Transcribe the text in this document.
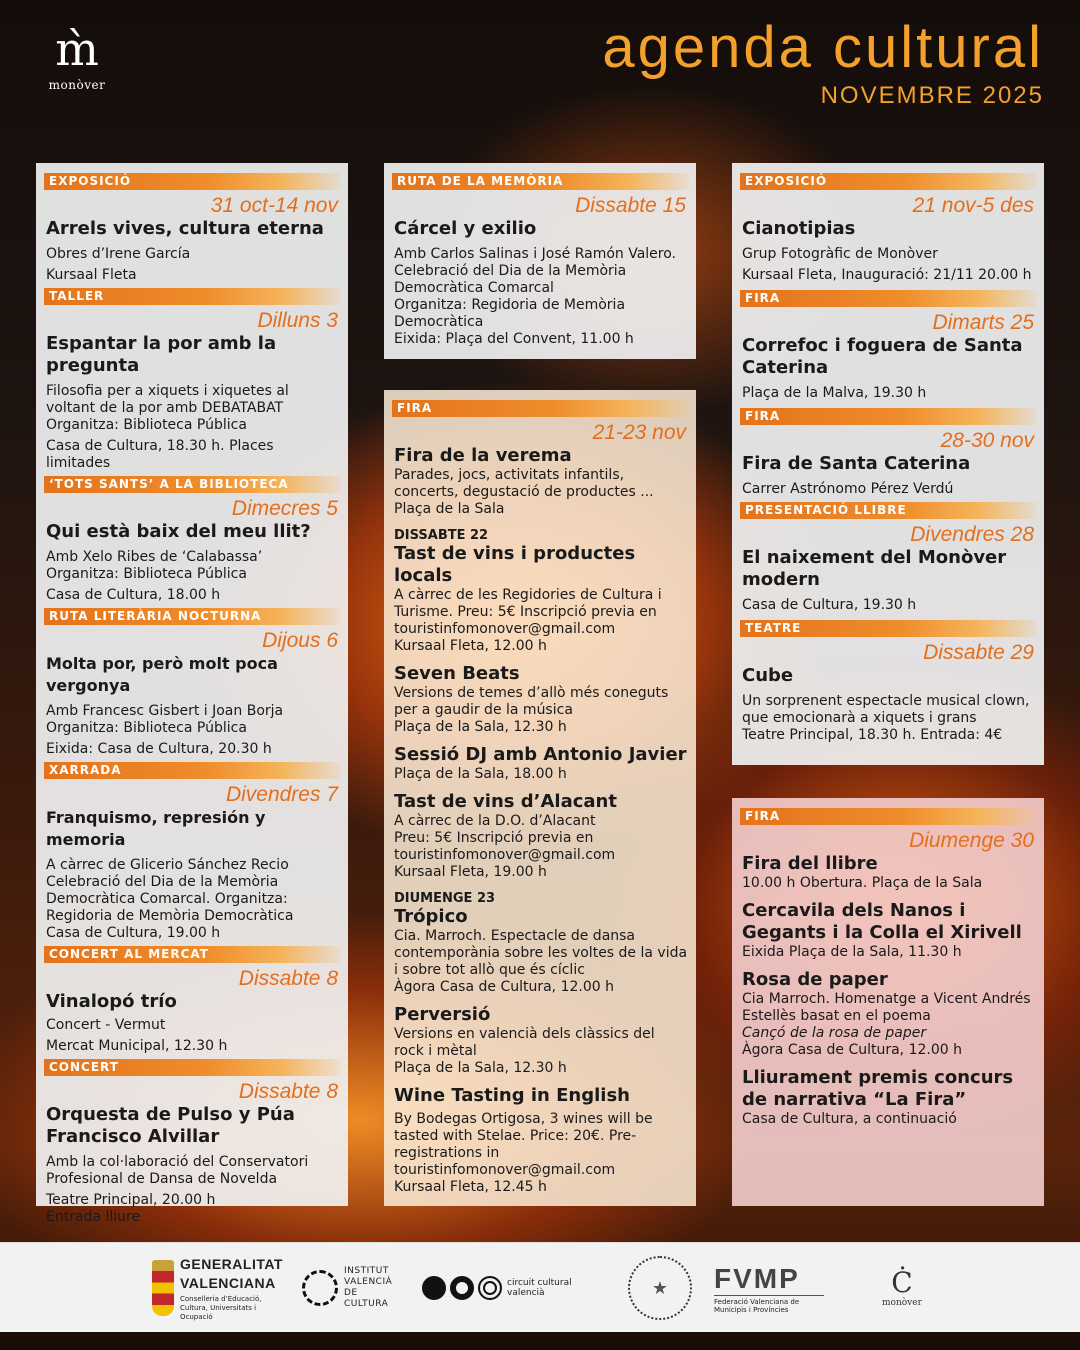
m̀
monòver
agenda cultural
NOVEMBRE 2025
EXPOSICIÓ
31 oct-14 nov
Arrels vives, cultura eterna
Obres d’Irene García
Kursaal Fleta
TALLER
Dilluns 3
Espantar la por amb la pregunta
Filosofia per a xiquets i xiquetes al voltant de la por amb DEBATABAT
Organitza: Biblioteca Pública
Casa de Cultura, 18.30 h. Places limitades
‘TOTS SANTS’ A LA BIBLIOTECA
Dimecres 5
Qui està baix del meu llit?
Amb Xelo Ribes de ‘Calabassa’
Organitza: Biblioteca Pública
Casa de Cultura, 18.00 h
RUTA LITERÀRIA NOCTURNA
Dijous 6
Molta por, però molt poca vergonya
Amb Francesc Gisbert i Joan Borja
Organitza: Biblioteca Pública
Eixida: Casa de Cultura, 20.30 h
XARRADA
Divendres 7
Franquismo, represión y memoria
A càrrec de Glicerio Sánchez Recio
Celebració del Dia de la Memòria Democràtica Comarcal. Organitza: Regidoria de Memòria Democràtica
Casa de Cultura, 19.00 h
CONCERT AL MERCAT
Dissabte 8
Vinalopó trío
Concert - Vermut
Mercat Municipal, 12.30 h
CONCERT
Dissabte 8
Orquesta de Pulso y Púa Francisco Alvillar
Amb la col·laboració del Conservatori Profesional de Dansa de Novelda
Teatre Principal, 20.00 h
Entrada lliure
RUTA DE LA MEMÒRIA
Dissabte 15
Cárcel y exilio
Amb Carlos Salinas i José Ramón Valero. Celebració del Dia de la Memòria Democràtica Comarcal
Organitza: Regidoria de Memòria Democràtica
Eixida: Plaça del Convent, 11.00 h
FIRA
21-23 nov
Fira de la verema
Parades, jocs, activitats infantils, concerts, degustació de productes ...
Plaça de la Sala
DISSABTE 22
Tast de vins i productes locals
A càrrec de les Regidories de Cultura i Turisme. Preu: 5€ Inscripció previa en touristinfomonover@gmail.com
Kursaal Fleta, 12.00 h
Seven Beats
Versions de temes d’allò més coneguts per a gaudir de la música
Plaça de la Sala, 12.30 h
Sessió DJ amb Antonio Javier
Plaça de la Sala, 18.00 h
Tast de vins d’Alacant
A càrrec de la D.O. d’Alacant
Preu: 5€ Inscripció previa en touristinfomonover@gmail.com
Kursaal Fleta, 19.00 h
DIUMENGE 23
Trópico
Cia. Marroch. Espectacle de dansa contemporània sobre les voltes de la vida i sobre tot allò que és cíclic
Àgora Casa de Cultura, 12.00 h
Perversió
Versions en valencià dels clàssics del rock i mètal
Plaça de la Sala, 12.30 h
Wine Tasting in English
By Bodegas Ortigosa, 3 wines will be tasted with Stelae. Price: 20€. Pre-registrations in touristinfomonover@gmail.com
Kursaal Fleta, 12.45 h
EXPOSICIÓ
21 nov-5 des
Cianotipias
Grup Fotogràfic de Monòver
Kursaal Fleta, Inauguració: 21/11 20.00 h
FIRA
Dimarts 25
Correfoc i foguera de Santa Caterina
Plaça de la Malva, 19.30 h
FIRA
28-30 nov
Fira de Santa Caterina
Carrer Astrónomo Pérez Verdú
PRESENTACIÓ LLIBRE
Divendres 28
El naixement del Monòver modern
Casa de Cultura, 19.30 h
TEATRE
Dissabte 29
Cube
Un sorprenent espectacle musical clown, que emocionarà a xiquets i grans
Teatre Principal, 18.30 h. Entrada: 4€
FIRA
Diumenge 30
Fira del llibre
10.00 h Obertura. Plaça de la Sala
Cercavila dels Nanos i Gegants i la Colla el Xirivell
Eixida Plaça de la Sala, 11.30 h
Rosa de paper
Cia Marroch. Homenatge a Vicent Andrés Estellès basat en el poema
Cançó de la rosa de paper
Àgora Casa de Cultura, 12.00 h
Lliurament premis concurs de narrativa “La Fira”
Casa de Cultura, a continuació
GENERALITAT VALENCIANA
Conselleria d’Educació, Cultura, Universitats i Ocupació
INSTITUT VALENCIÀ DE CULTURA
circuit cultural valencià	★	FVMP
Federació Valenciana de Municipis i Províncies
Ċ
monòver
